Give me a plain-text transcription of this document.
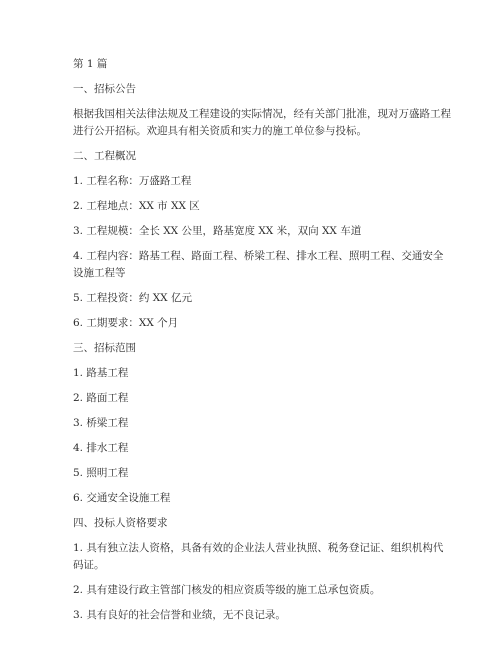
第 1 篇
一、招标公告
根据我国相关法律法规及工程建设的实际情况，经有关部门批准，现对万盛路工程
进行公开招标。欢迎具有相关资质和实力的施工单位参与投标。
二、工程概况
1. 工程名称：万盛路工程
2. 工程地点：XX 市 XX 区
3. 工程规模：全长 XX 公里，路基宽度 XX 米，双向 XX 车道
4. 工程内容：路基工程、路面工程、桥梁工程、排水工程、照明工程、交通安全
设施工程等
5. 工程投资：约 XX 亿元
6. 工期要求：XX 个月
三、招标范围
1. 路基工程
2. 路面工程
3. 桥梁工程
4. 排水工程
5. 照明工程
6. 交通安全设施工程
四、投标人资格要求
1. 具有独立法人资格，具备有效的企业法人营业执照、税务登记证、组织机构代
码证。
2. 具有建设行政主管部门核发的相应资质等级的施工总承包资质。
3. 具有良好的社会信誉和业绩，无不良记录。
